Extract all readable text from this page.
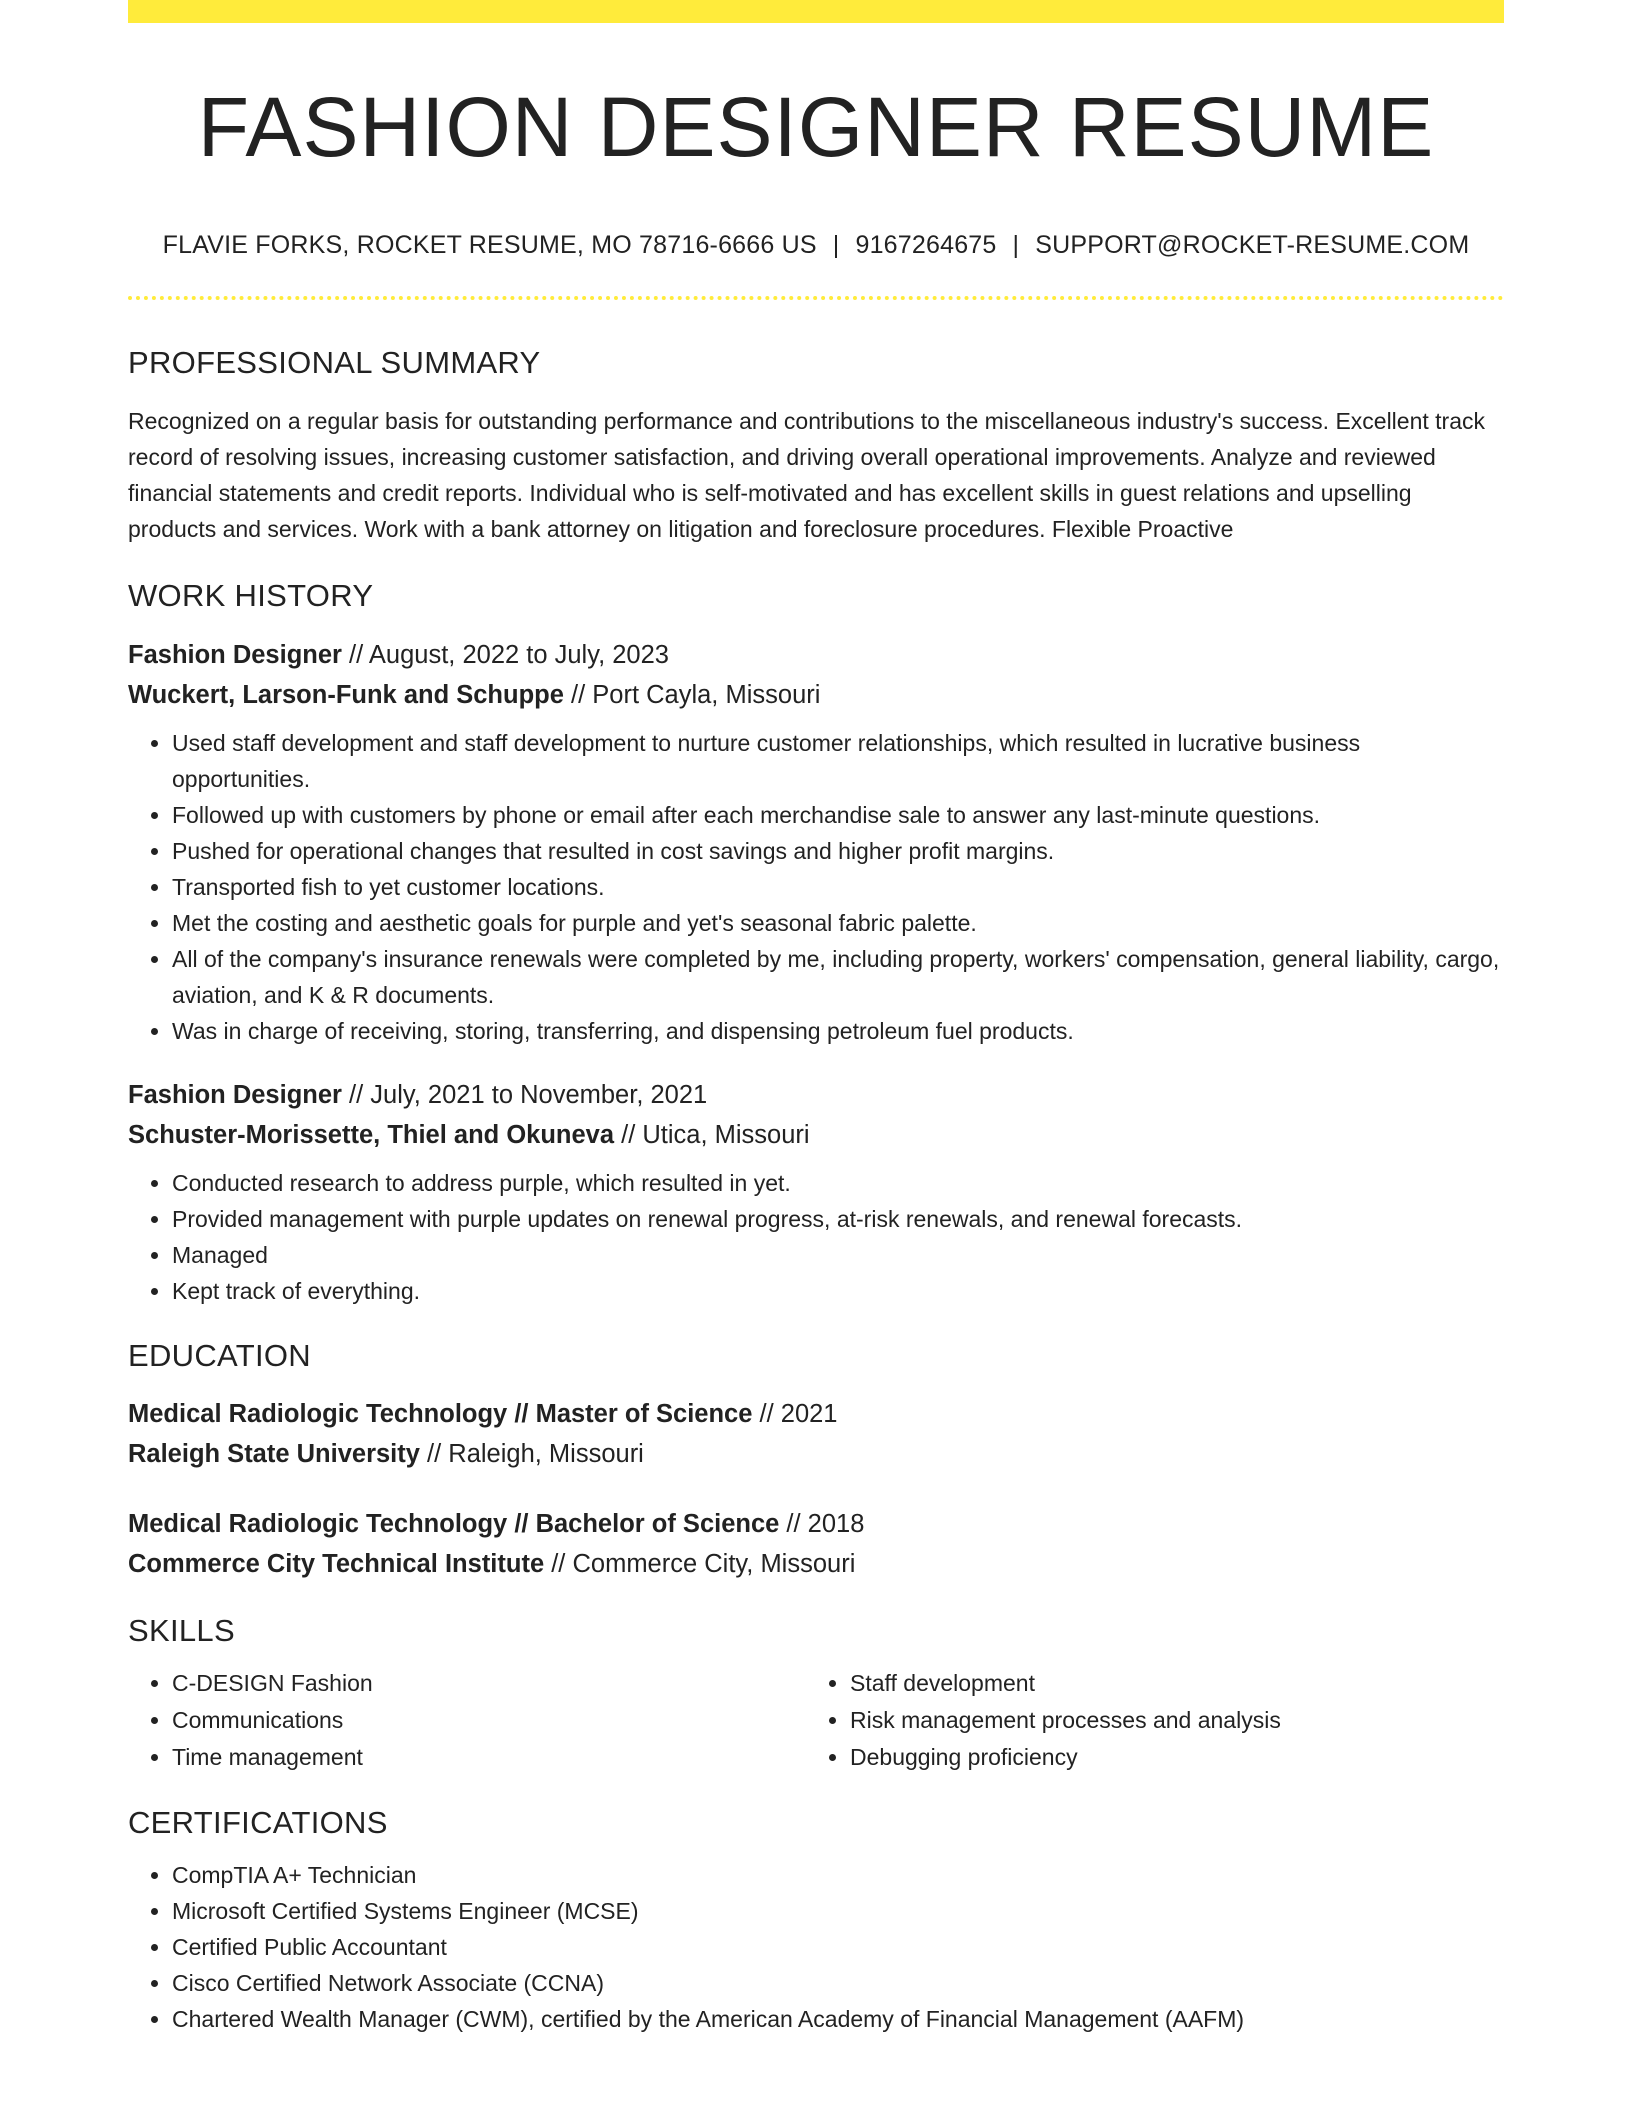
FASHION DESIGNER RESUME
FLAVIE FORKS, ROCKET RESUME, MO 78716-6666 US | 9167264675 | SUPPORT@ROCKET-RESUME.COM
PROFESSIONAL SUMMARY

Recognized on a regular basis for outstanding performance and contributions to the miscellaneous industry's success. Excellent track record of resolving issues, increasing customer satisfaction, and driving overall operational improvements. Analyze and reviewed financial statements and credit reports. Individual who is self-motivated and has excellent skills in guest relations and upselling products and services. Work with a bank attorney on litigation and foreclosure procedures. Flexible Proactive

WORK HISTORY

Fashion Designer // August, 2022 to July, 2023

Wuckert, Larson-Funk and Schuppe // Port Cayla, Missouri

• Used staff development and staff development to nurture customer relationships, which resulted in lucrative business opportunities.
• Followed up with customers by phone or email after each merchandise sale to answer any last-minute questions.
• Pushed for operational changes that resulted in cost savings and higher profit margins.
• Transported fish to yet customer locations.
• Met the costing and aesthetic goals for purple and yet's seasonal fabric palette.
• All of the company's insurance renewals were completed by me, including property, workers' compensation, general liability, cargo, aviation, and K & R documents.
• Was in charge of receiving, storing, transferring, and dispensing petroleum fuel products.

Fashion Designer // July, 2021 to November, 2021

Schuster-Morissette, Thiel and Okuneva // Utica, Missouri

• Conducted research to address purple, which resulted in yet.
• Provided management with purple updates on renewal progress, at-risk renewals, and renewal forecasts.
• Managed
• Kept track of everything.
EDUCATION

Medical Radiologic Technology // Master of Science // 2021

Raleigh State University // Raleigh, Missouri

Medical Radiologic Technology // Bachelor of Science // 2018

Commerce City Technical Institute // Commerce City, Missouri

SKILLS
• C-DESIGN Fashion
• Communications
• Time management
• Staff development
• Risk management processes and analysis
• Debugging proficiency
CERTIFICATIONS
• CompTIA A+ Technician
• Microsoft Certified Systems Engineer (MCSE)
• Certified Public Accountant
• Cisco Certified Network Associate (CCNA)
• Chartered Wealth Manager (CWM), certified by the American Academy of Financial Management (AAFM)
